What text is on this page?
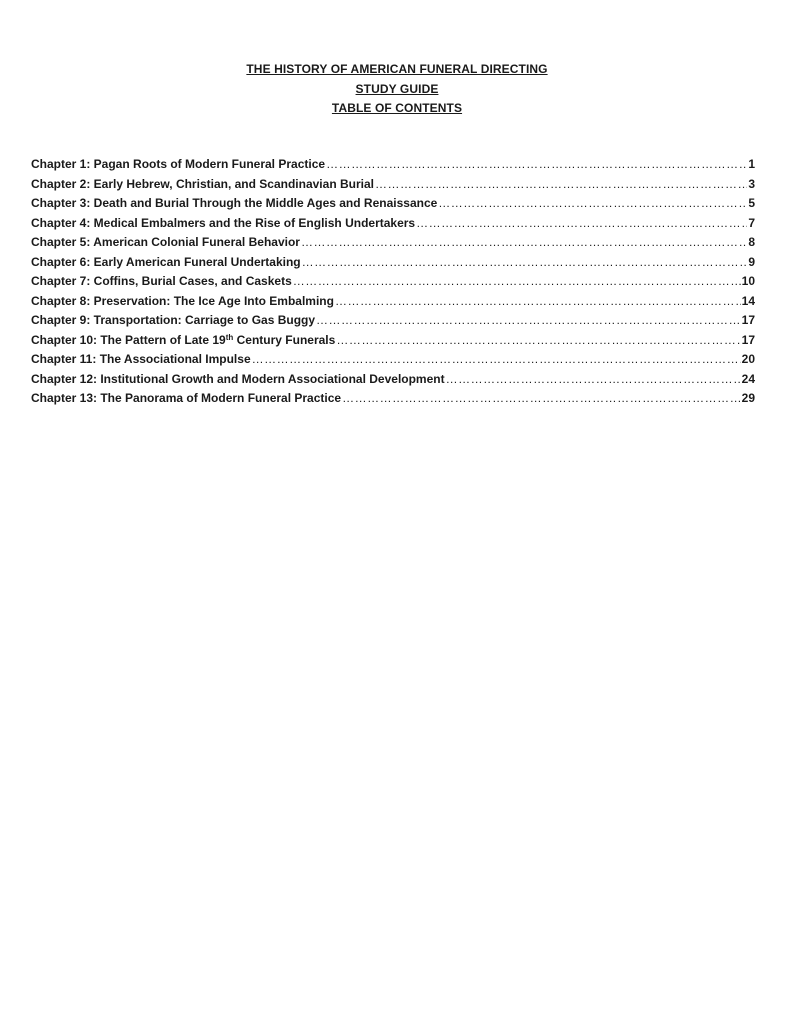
THE HISTORY OF AMERICAN FUNERAL DIRECTING
STUDY GUIDE
TABLE OF CONTENTS
Chapter 1: Pagan Roots of Modern Funeral Practice …………………………………………………………………………………………………………………………………………………………………………………………………………………………………………………………	1
Chapter 2: Early Hebrew, Christian, and Scandinavian Burial …………………………………………………………………………………………………………………………………………………………………………………………………………………………………………………………	3
Chapter 3: Death and Burial Through the Middle Ages and Renaissance …………………………………………………………………………………………………………………………………………………………………………………………………………………………………………………………	5
Chapter 4: Medical Embalmers and the Rise of English Undertakers …………………………………………………………………………………………………………………………………………………………………………………………………………………………………………………………	7
Chapter 5: American Colonial Funeral Behavior …………………………………………………………………………………………………………………………………………………………………………………………………………………………………………………………	8
Chapter 6: Early American Funeral Undertaking …………………………………………………………………………………………………………………………………………………………………………………………………………………………………………………………	9
Chapter 7: Coffins, Burial Cases, and Caskets …………………………………………………………………………………………………………………………………………………………………………………………………………………………………………………………	10
Chapter 8: Preservation: The Ice Age Into Embalming …………………………………………………………………………………………………………………………………………………………………………………………………………………………………………………………	14
Chapter 9: Transportation: Carriage to Gas Buggy …………………………………………………………………………………………………………………………………………………………………………………………………………………………………………………………	17
Chapter 10: The Pattern of Late 19th Century Funerals …………………………………………………………………………………………………………………………………………………………………………………………………………………………………………………………	17
Chapter 11: The Associational Impulse …………………………………………………………………………………………………………………………………………………………………………………………………………………………………………………………	20
Chapter 12: Institutional Growth and Modern Associational Development …………………………………………………………………………………………………………………………………………………………………………………………………………………………………………………………	24
Chapter 13: The Panorama of Modern Funeral Practice …………………………………………………………………………………………………………………………………………………………………………………………………………………………………………………………	29
